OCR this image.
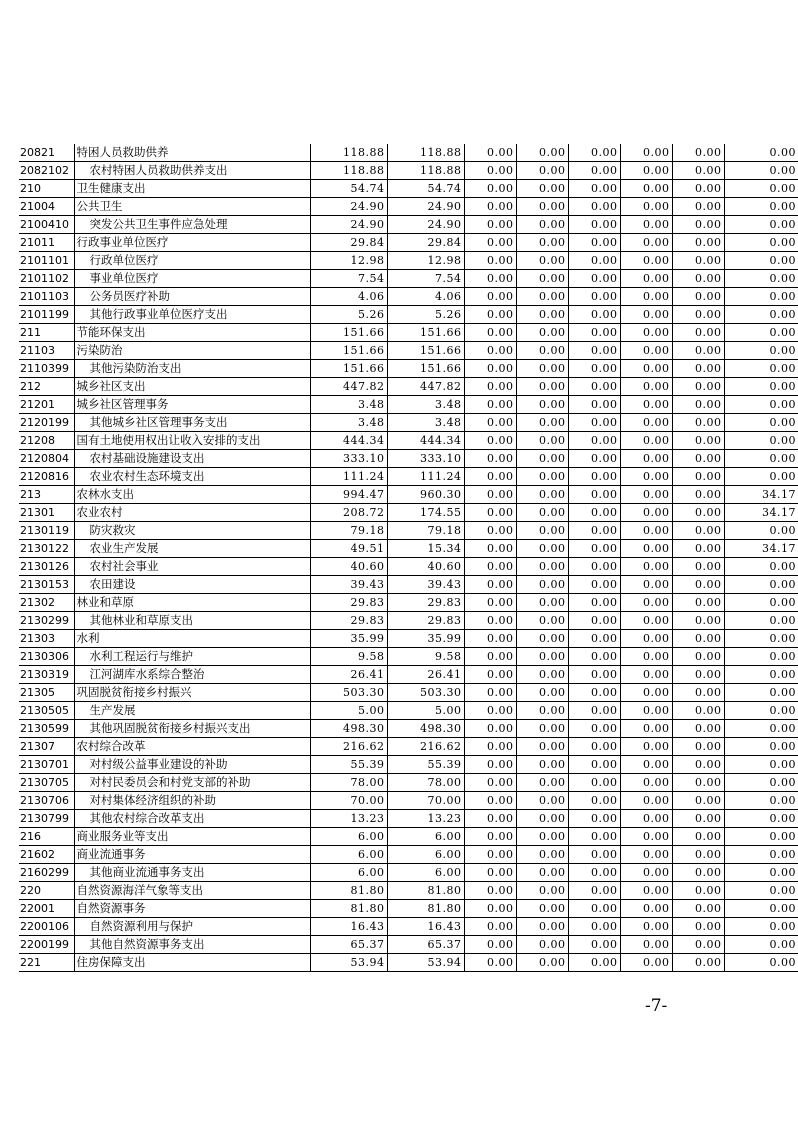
20821	特困人员救助供养	118.88	118.88	0.00	0.00	0.00	0.00	0.00	0.00
2082102	农村特困人员救助供养支出	118.88	118.88	0.00	0.00	0.00	0.00	0.00	0.00
210	卫生健康支出	54.74	54.74	0.00	0.00	0.00	0.00	0.00	0.00
21004	公共卫生	24.90	24.90	0.00	0.00	0.00	0.00	0.00	0.00
2100410	突发公共卫生事件应急处理	24.90	24.90	0.00	0.00	0.00	0.00	0.00	0.00
21011	行政事业单位医疗	29.84	29.84	0.00	0.00	0.00	0.00	0.00	0.00
2101101	行政单位医疗	12.98	12.98	0.00	0.00	0.00	0.00	0.00	0.00
2101102	事业单位医疗	7.54	7.54	0.00	0.00	0.00	0.00	0.00	0.00
2101103	公务员医疗补助	4.06	4.06	0.00	0.00	0.00	0.00	0.00	0.00
2101199	其他行政事业单位医疗支出	5.26	5.26	0.00	0.00	0.00	0.00	0.00	0.00
211	节能环保支出	151.66	151.66	0.00	0.00	0.00	0.00	0.00	0.00
21103	污染防治	151.66	151.66	0.00	0.00	0.00	0.00	0.00	0.00
2110399	其他污染防治支出	151.66	151.66	0.00	0.00	0.00	0.00	0.00	0.00
212	城乡社区支出	447.82	447.82	0.00	0.00	0.00	0.00	0.00	0.00
21201	城乡社区管理事务	3.48	3.48	0.00	0.00	0.00	0.00	0.00	0.00
2120199	其他城乡社区管理事务支出	3.48	3.48	0.00	0.00	0.00	0.00	0.00	0.00
21208	国有土地使用权出让收入安排的支出	444.34	444.34	0.00	0.00	0.00	0.00	0.00	0.00
2120804	农村基础设施建设支出	333.10	333.10	0.00	0.00	0.00	0.00	0.00	0.00
2120816	农业农村生态环境支出	111.24	111.24	0.00	0.00	0.00	0.00	0.00	0.00
213	农林水支出	994.47	960.30	0.00	0.00	0.00	0.00	0.00	34.17
21301	农业农村	208.72	174.55	0.00	0.00	0.00	0.00	0.00	34.17
2130119	防灾救灾	79.18	79.18	0.00	0.00	0.00	0.00	0.00	0.00
2130122	农业生产发展	49.51	15.34	0.00	0.00	0.00	0.00	0.00	34.17
2130126	农村社会事业	40.60	40.60	0.00	0.00	0.00	0.00	0.00	0.00
2130153	农田建设	39.43	39.43	0.00	0.00	0.00	0.00	0.00	0.00
21302	林业和草原	29.83	29.83	0.00	0.00	0.00	0.00	0.00	0.00
2130299	其他林业和草原支出	29.83	29.83	0.00	0.00	0.00	0.00	0.00	0.00
21303	水利	35.99	35.99	0.00	0.00	0.00	0.00	0.00	0.00
2130306	水利工程运行与维护	9.58	9.58	0.00	0.00	0.00	0.00	0.00	0.00
2130319	江河湖库水系综合整治	26.41	26.41	0.00	0.00	0.00	0.00	0.00	0.00
21305	巩固脱贫衔接乡村振兴	503.30	503.30	0.00	0.00	0.00	0.00	0.00	0.00
2130505	生产发展	5.00	5.00	0.00	0.00	0.00	0.00	0.00	0.00
2130599	其他巩固脱贫衔接乡村振兴支出	498.30	498.30	0.00	0.00	0.00	0.00	0.00	0.00
21307	农村综合改革	216.62	216.62	0.00	0.00	0.00	0.00	0.00	0.00
2130701	对村级公益事业建设的补助	55.39	55.39	0.00	0.00	0.00	0.00	0.00	0.00
2130705	对村民委员会和村党支部的补助	78.00	78.00	0.00	0.00	0.00	0.00	0.00	0.00
2130706	对村集体经济组织的补助	70.00	70.00	0.00	0.00	0.00	0.00	0.00	0.00
2130799	其他农村综合改革支出	13.23	13.23	0.00	0.00	0.00	0.00	0.00	0.00
216	商业服务业等支出	6.00	6.00	0.00	0.00	0.00	0.00	0.00	0.00
21602	商业流通事务	6.00	6.00	0.00	0.00	0.00	0.00	0.00	0.00
2160299	其他商业流通事务支出	6.00	6.00	0.00	0.00	0.00	0.00	0.00	0.00
220	自然资源海洋气象等支出	81.80	81.80	0.00	0.00	0.00	0.00	0.00	0.00
22001	自然资源事务	81.80	81.80	0.00	0.00	0.00	0.00	0.00	0.00
2200106	自然资源利用与保护	16.43	16.43	0.00	0.00	0.00	0.00	0.00	0.00
2200199	其他自然资源事务支出	65.37	65.37	0.00	0.00	0.00	0.00	0.00	0.00
221	住房保障支出	53.94	53.94	0.00	0.00	0.00	0.00	0.00	0.00
-7-
